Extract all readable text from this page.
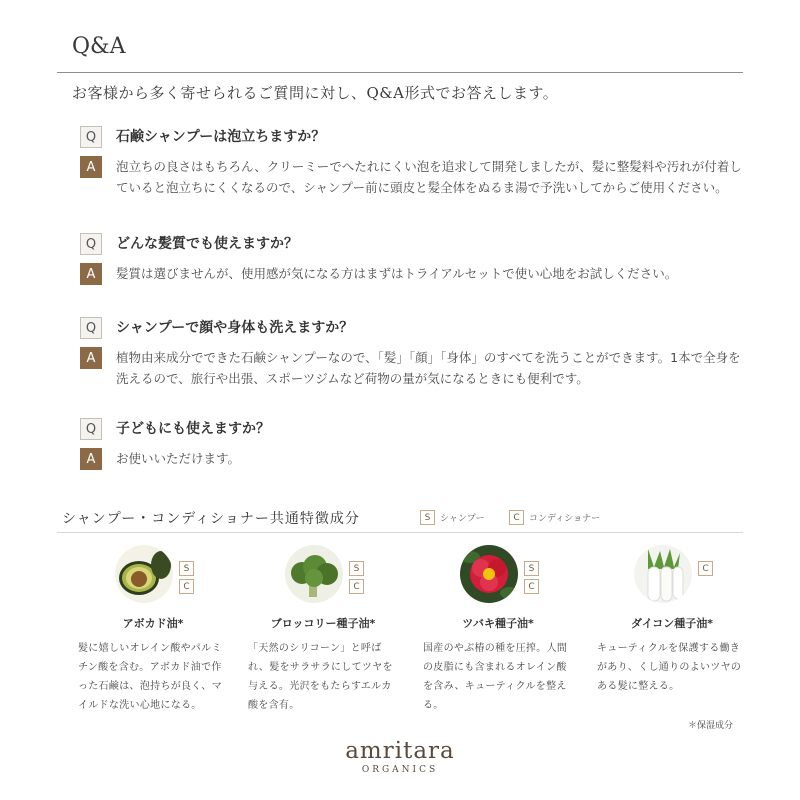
Q&A
お客様から多く寄せられるご質問に対し、Q&A形式でお答えします。
Q	石鹸シャンプーは泡立ちますか？
A	泡立ちの良さはもちろん、クリーミーでへたれにくい泡を追求して開発しましたが、髪に整髪料や汚れが付着していると泡立ちにくくなるので、シャンプー前に頭皮と髪全体をぬるま湯で予洗いしてからご使用ください。
Q	どんな髪質でも使えますか？
A	髪質は選びませんが、使用感が気になる方はまずはトライアルセットで使い心地をお試しください。
Q	シャンプーで顔や身体も洗えますか？
A	植物由来成分でできた石鹸シャンプーなので、「髪」「顔」「身体」のすべてを洗うことができます。1本で全身を洗えるので、旅行や出張、スポーツジムなど荷物の量が気になるときにも便利です。
Q	子どもにも使えますか？
A	お使いいただけます。
シャンプー・コンディショナー共通特徴成分	S	シャンプー	C	コンディショナー
S
C
アボカド油*
髪に嬉しいオレイン酸やパルミチン酸を含む。アボカド油で作った石鹸は、泡持ちが良く、マイルドな洗い心地になる。
S
C
ブロッコリー種子油*
「天然のシリコーン」と呼ばれ、髪をサラサラにしてツヤを与える。光沢をもたらすエルカ酸を含有。
S
C
ツバキ種子油*
国産のやぶ椿の種を圧搾。人間の皮脂にも含まれるオレイン酸を含み、キューティクルを整える。
C
ダイコン種子油*
キューティクルを保護する働きがあり、くし通りのよいツヤのある髪に整える。
＊保湿成分
amritara
ORGANICS
